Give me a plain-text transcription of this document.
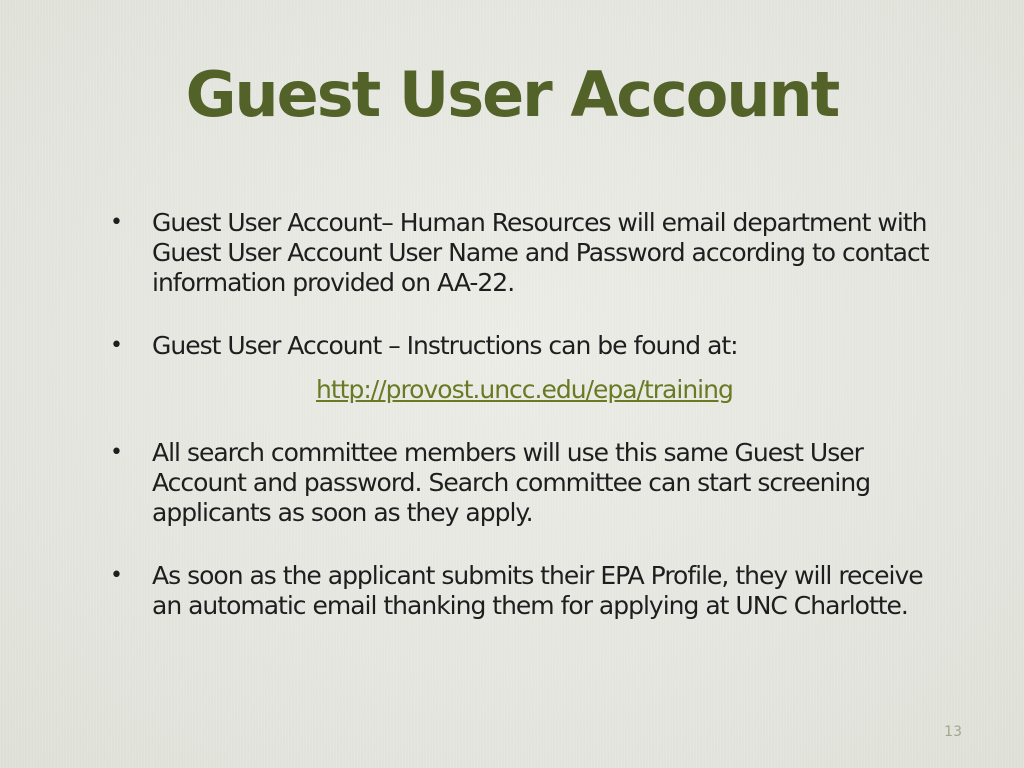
Guest User Account
• Guest User Account– Human Resources will email department with Guest User Account User Name and Password according to contact information provided on AA-22.
• Guest User Account – Instructions can be found at:
http://provost.uncc.edu/epa/training
• All search committee members will use this same Guest User Account and password. Search committee can start screening applicants as soon as they apply.
• As soon as the applicant submits their EPA Profile, they will receive an automatic email thanking them for applying at UNC Charlotte.
13
